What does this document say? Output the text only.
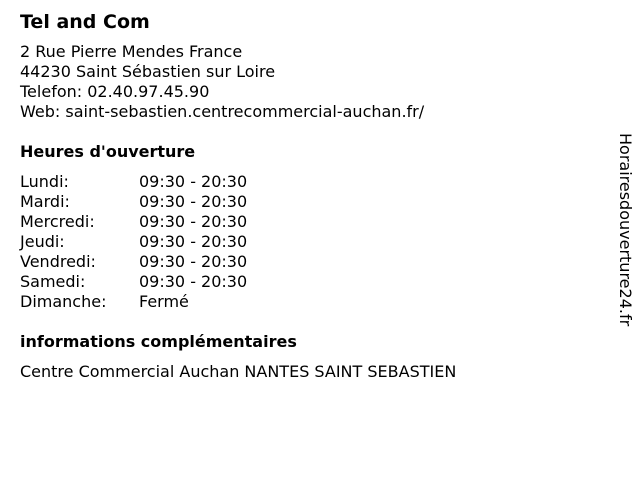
Tel and Com
2 Rue Pierre Mendes France
44230 Saint Sébastien sur Loire
Telefon: 02.40.97.45.90
Web: saint-sebastien.centrecommercial-auchan.fr/
Heures d'ouverture
Lundi:	09:30 - 20:30
Mardi:	09:30 - 20:30
Mercredi:	09:30 - 20:30
Jeudi:	09:30 - 20:30
Vendredi:	09:30 - 20:30
Samedi:	09:30 - 20:30
Dimanche:	Fermé
informations complémentaires
Centre Commercial Auchan NANTES SAINT SEBASTIEN
Horairesdouverture24.fr
